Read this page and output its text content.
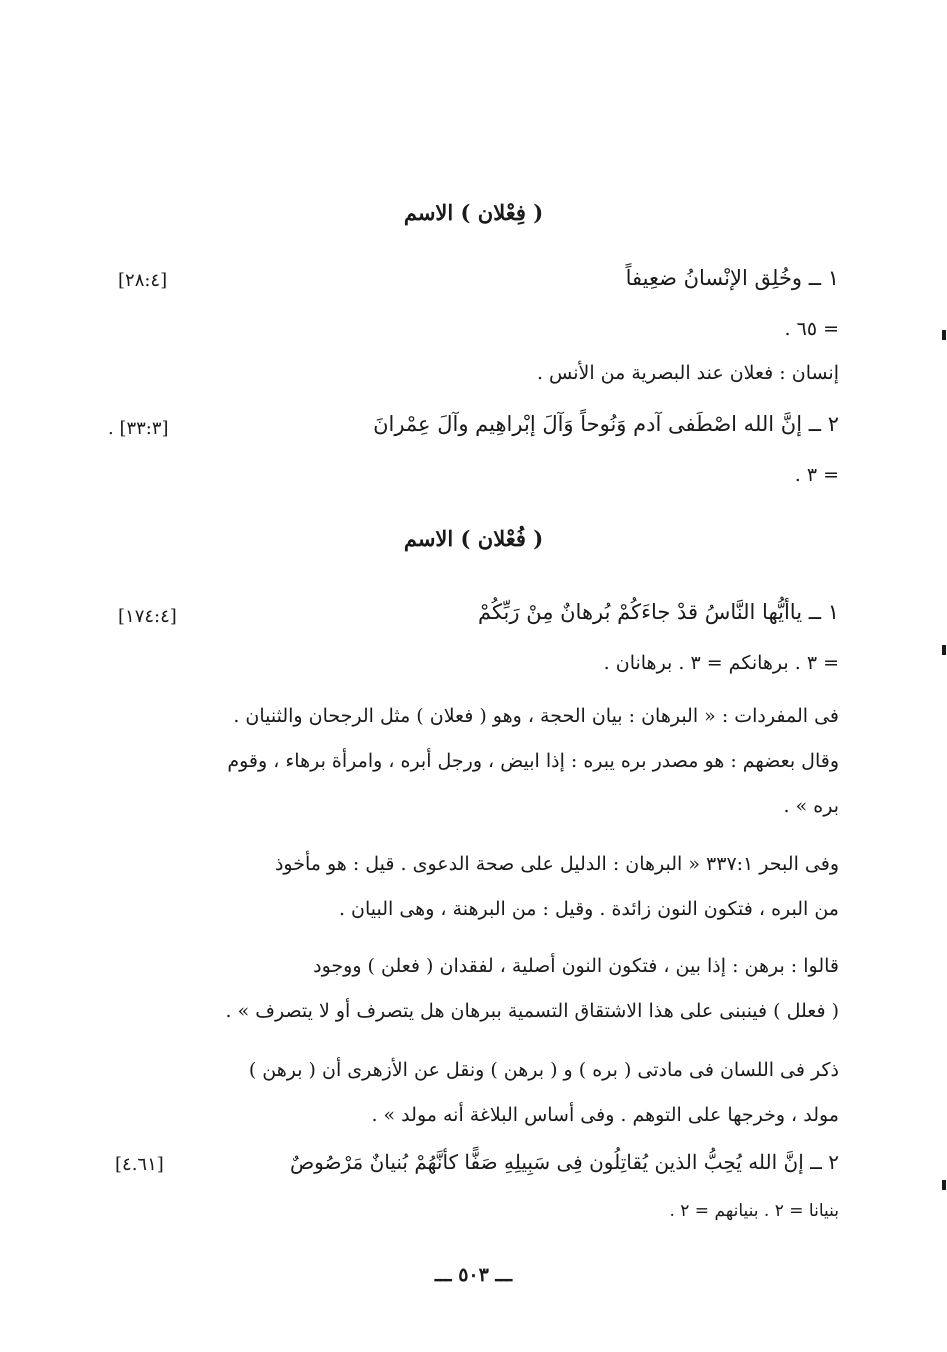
( فِعْلان ) الاسم
١ ــ وخُلِق الإنْسانُ ضعِيفاً
[٢٨:٤]
= ٦٥ .
إنسان : فعلان عند البصرية من الأنس .
٢ ــ إنَّ الله اصْطَفى آدم وَنُوحاً وَآلَ إبْراهِيم وآلَ عِمْرانَ
. [٣٣:٣]
= ٣ .
( فُعْلان ) الاسم
١ ــ ياأيُّها النَّاسُ قدْ جاءَكُمْ بُرهانٌ مِنْ رَبِّكُمْ
[١٧٤:٤]
= ٣ . برهانكم = ٣ . برهانان .
فى المفردات : « البرهان : بيان الحجة ، وهو ( فعلان ) مثل الرجحان والثنيان .
وقال بعضهم : هو مصدر بره يبره : إذا ابيض ، ورجل أبره ، وامرأة برهاء ، وقوم
بره » .
وفى البحر ٣٣٧:١ « البرهان : الدليل على صحة الدعوى . قيل : هو مأخوذ
من البره ، فتكون النون زائدة . وقيل : من البرهنة ، وهى البيان .
قالوا : برهن : إذا بين ، فتكون النون أصلية ، لفقدان ( فعلن ) ووجود
( فعلل ) فينبنى على هذا الاشتقاق التسمية ببرهان هل يتصرف أو لا يتصرف » .
ذكر فى اللسان فى مادتى ( بره ) و ( برهن ) ونقل عن الأزهرى أن ( برهن )
مولد ، وخرجها على التوهم . وفى أساس البلاغة أنه مولد » .
٢ ــ إنَّ الله يُحِبُّ الذين يُقاتِلُون فِى سَبِيلِهِ صَفًّا كأنَّهُمْ بُنيانٌ مَرْصُوصٌ
[٤.٦١]
بنيانا = ٢ . بنيانهم = ٢ .
ـــ ٥٠٣ ـــ
